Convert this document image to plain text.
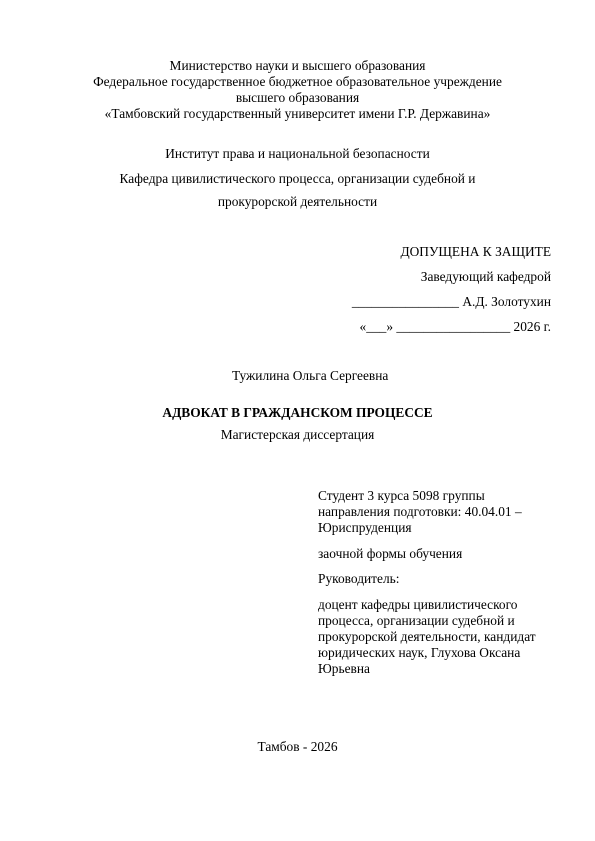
Министерство науки и высшего образования
Федеральное государственное бюджетное образовательное учреждение
высшего образования
«Тамбовский государственный университет имени Г.Р. Державина»
Институт права и национальной безопасности
Кафедра цивилистического процесса, организации судебной и
прокурорской деятельности
ДОПУЩЕНА К ЗАЩИТЕ
Заведующий кафедрой
________________ А.Д. Золотухин
«___» _________________ 2026 г.
Тужилина Ольга Сергеевна
АДВОКАТ В ГРАЖДАНСКОМ ПРОЦЕССЕ
Магистерская диссертация
Студент 3 курса 5098 группы направления подготовки: 40.04.01 – Юриспруденция
заочной формы обучения
Руководитель:
доцент кафедры цивилистического процесса, организации судебной и прокурорской деятельности, кандидат юридических наук, Глухова Оксана Юрьевна
Тамбов - 2026
